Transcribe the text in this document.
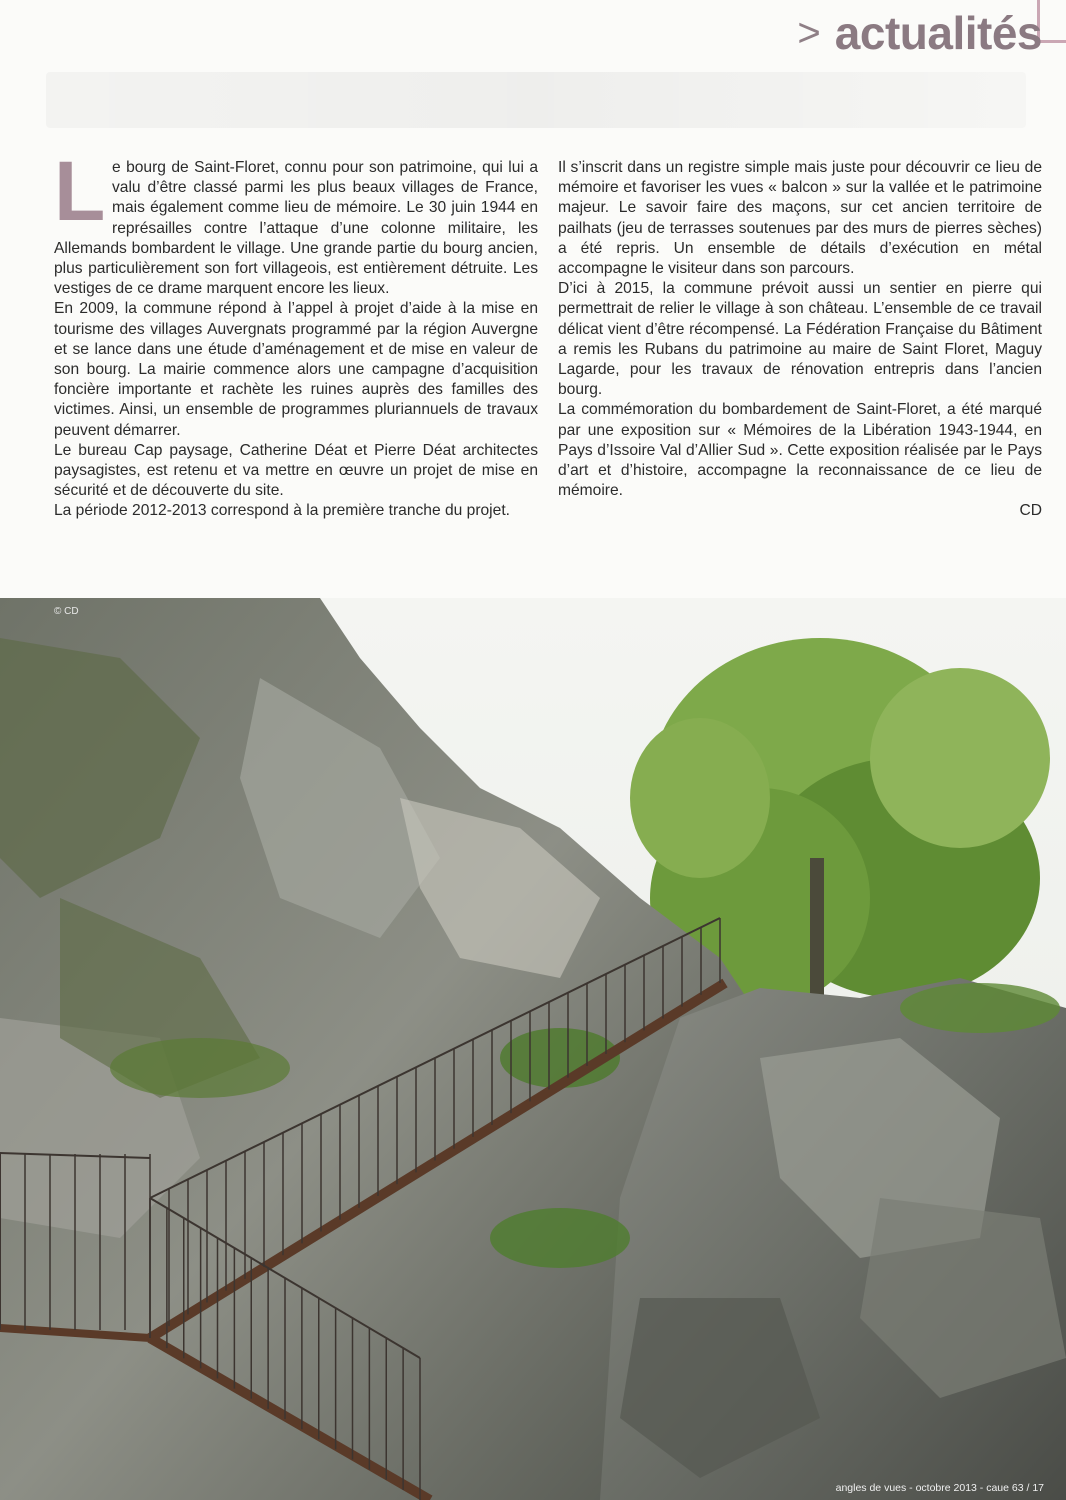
> actualités

Le bourg de Saint-Floret, connu pour son patrimoine, qui lui a valu d’être classé parmi les plus beaux villages de France, mais également comme lieu de mémoire. Le 30 juin 1944 en représailles contre l’attaque d’une colonne militaire, les Allemands bombardent le village. Une grande partie du bourg ancien, plus particulièrement son fort villageois, est entièrement détruite. Les vestiges de ce drame marquent encore les lieux.

En 2009, la commune répond à l’appel à projet d’aide à la mise en tourisme des villages Auvergnats programmé par la région Auvergne et se lance dans une étude d’aménagement et de mise en valeur de son bourg. La mairie commence alors une campagne d’acquisition foncière importante et rachète les ruines auprès des familles des victimes. Ainsi, un ensemble de programmes pluriannuels de travaux peuvent démarrer.

Le bureau Cap paysage, Catherine Déat et Pierre Déat architectes paysagistes, est retenu et va mettre en œuvre un projet de mise en sécurité et de découverte du site.

La période 2012-2013 correspond à la première tranche du projet.

Il s’inscrit dans un registre simple mais juste pour découvrir ce lieu de mémoire et favoriser les vues « balcon » sur la vallée et le patrimoine majeur. Le savoir faire des maçons, sur cet ancien territoire de pailhats (jeu de terrasses soutenues par des murs de pierres sèches) a été repris. Un ensemble de détails d’exécution en métal accompagne le visiteur dans son parcours.

D’ici à 2015, la commune prévoit aussi un sentier en pierre qui permettrait de relier le village à son château. L’ensemble de ce travail délicat vient d’être récompensé. La Fédération Française du Bâtiment a remis les Rubans du patrimoine au maire de Saint Floret, Maguy Lagarde, pour les travaux de rénovation entrepris dans l’ancien bourg.

La commémoration du bombardement de Saint-Floret, a été marqué par une exposition sur « Mémoires de la Libération 1943-1944, en Pays d’Issoire Val d’Allier Sud ». Cette exposition réalisée par le Pays d’art et d’histoire, accompagne la reconnaissance de ce lieu de mémoire.

CD

© CD
angles de vues - octobre 2013 - caue 63 / 17
